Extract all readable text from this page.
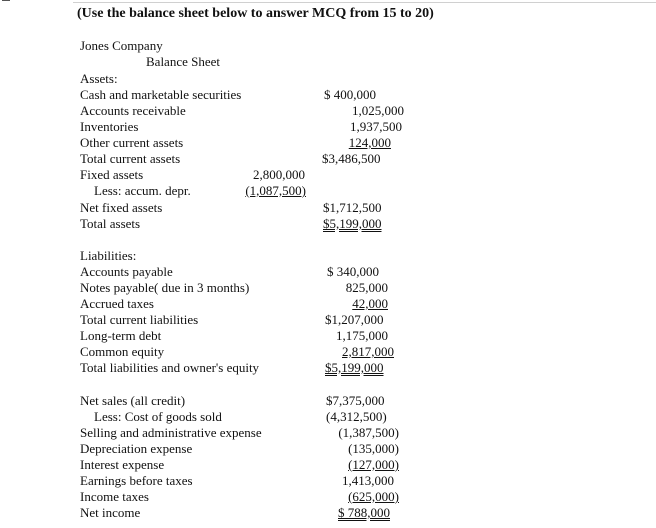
(Use the balance sheet below to answer MCQ from 15 to 20)
Jones Company
Balance Sheet
Assets:
Cash and marketable securities	$ 400,000
Accounts receivable	1,025,000
Inventories	1,937,500
Other current assets	124,000
Total current assets	$3,486,500
Fixed assets	2,800,000
Less: accum. depr.	(1,087,500)
Net fixed assets	$1,712,500
Total assets	$5,199,000
Liabilities:
Accounts payable	$ 340,000
Notes payable( due in 3 months)	825,000
Accrued taxes	42,000
Total current liabilities	$1,207,000
Long-term debt	1,175,000
Common equity	2,817,000
Total liabilities and owner's equity	$5,199,000
Net sales (all credit)	$7,375,000
Less: Cost of goods sold	(4,312,500)
Selling and administrative expense	(1,387,500)
Depreciation expense	(135,000)
Interest expense	(127,000)
Earnings before taxes	1,413,000
Income taxes	(625,000)
Net income	$ 788,000
